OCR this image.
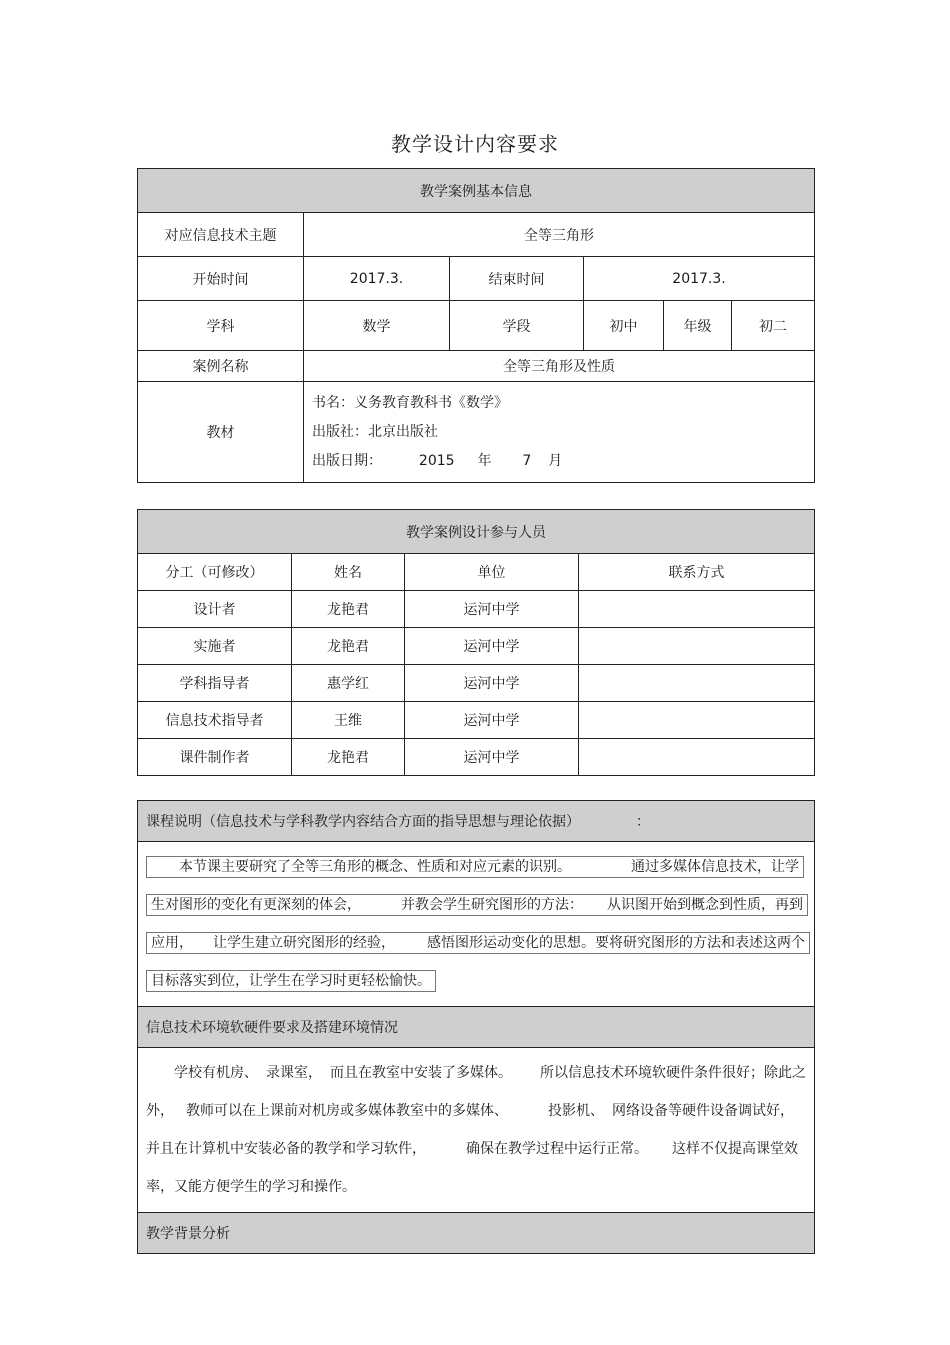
教学设计内容要求
教学案例基本信息					
对应信息技术主题	全等三角形				
开始时间	2017.3.	结束时间	2017.3.		
学科	数学	学段	初中	年级	初二
案例名称	全等三角形及性质				
教材	书名：义务教育教科书《数学》
出版社：北京出版社
出版日期： 2015 年 7 月				
教学案例设计参与人员			
分工（可修改）	姓名	单位	联系方式
设计者	龙艳君	运河中学	
实施者	龙艳君	运河中学	
学科指导者	惠学红	运河中学	
信息技术指导者	王维	运河中学	
课件制作者	龙艳君	运河中学	
课程说明（信息技术与学科教学内容结合方面的指导思想与理论依据）	：
本节课主要研究了全等三角形的概念、性质和对应元素的识别。	通过多媒体信息技术，让学生对图形的变化有更深刻的体会，	并教会学生研究图形的方法： 从识图开始到概念到性质，再到应用， 让学生建立研究图形的经验， 感悟图形运动变化的思想。要将研究图形的方法和表述这两个目标落实到位，让学生在学习时更轻松愉快。
信息技术环境软硬件要求及搭建环境情况
学校有机房、 录课室， 而且在教室中安装了多媒体。 所以信息技术环境软硬件条件很好；除此之外， 教师可以在上课前对机房或多媒体教室中的多媒体、	投影机、 网络设备等硬件设备调试好，并且在计算机中安装必备的教学和学习软件，	确保在教学过程中运行正常。 这样不仅提高课堂效率，又能方便学生的学习和操作。
教学背景分析
